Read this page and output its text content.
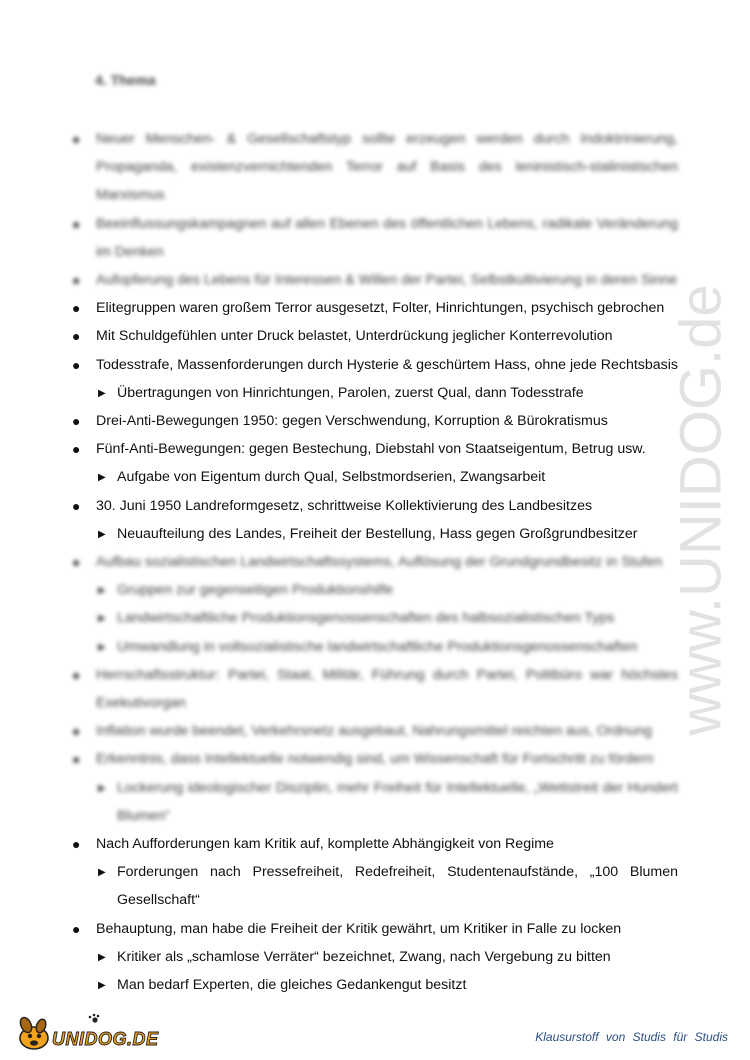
www.UNIDOG.de
4. Thema
● Neuer Menschen- & Gesellschaftstyp sollte erzeugen werden durch Indoktrinierung, Propaganda, existenzvernichtenden Terror auf Basis des leninistisch-stalinistischen Marxismus
● Beeinflussungskampagnen auf allen Ebenen des öffentlichen Lebens, radikale Veränderung im Denken
● Aufopferung des Lebens für Interessen & Willen der Partei, Selbstkultivierung in deren Sinne
● Elitegruppen waren großem Terror ausgesetzt, Folter, Hinrichtungen, psychisch gebrochen
● Mit Schuldgefühlen unter Druck belastet, Unterdrückung jeglicher Konterrevolution
● Todesstrafe, Massenforderungen durch Hysterie & geschürtem Hass, ohne jede Rechtsbasis
▶ Übertragungen von Hinrichtungen, Parolen, zuerst Qual, dann Todesstrafe
● Drei-Anti-Bewegungen 1950: gegen Verschwendung, Korruption & Bürokratismus
● Fünf-Anti-Bewegungen: gegen Bestechung, Diebstahl von Staatseigentum, Betrug usw.
▶ Aufgabe von Eigentum durch Qual, Selbstmordserien, Zwangsarbeit
● 30. Juni 1950 Landreformgesetz, schrittweise Kollektivierung des Landbesitzes
▶ Neuaufteilung des Landes, Freiheit der Bestellung, Hass gegen Großgrundbesitzer
● Aufbau sozialistischen Landwirtschaftssystems, Auflösung der Grundgrundbesitz in Stufen
▶ Gruppen zur gegenseitigen Produktionshilfe
▶ Landwirtschaftliche Produktionsgenossenschaften des halbsozialistischen Typs
▶ Umwandlung in vollsozialistische landwirtschaftliche Produktionsgenossenschaften
● Herrschaftsstruktur: Partei, Staat, Militär, Führung durch Partei, Politbüro war höchstes Exekutivorgan
● Inflation wurde beendet, Verkehrsnetz ausgebaut, Nahrungsmittel reichten aus, Ordnung
● Erkenntnis, dass Intellektuelle notwendig sind, um Wissenschaft für Fortschritt zu fördern
▶ Lockerung ideologischer Disziplin, mehr Freiheit für Intellektuelle, „Wettstreit der Hundert Blumen“
● Nach Aufforderungen kam Kritik auf, komplette Abhängigkeit von Regime
▶ Forderungen nach Pressefreiheit, Redefreiheit, Studentenaufstände, „100 Blumen Gesellschaft“
● Behauptung, man habe die Freiheit der Kritik gewährt, um Kritiker in Falle zu locken
▶ Kritiker als „schamlose Verräter“ bezeichnet, Zwang, nach Vergebung zu bitten
▶ Man bedarf Experten, die gleiches Gedankengut besitzt
UNIDOG.DE	Klausurstoff von Studis für Studis
